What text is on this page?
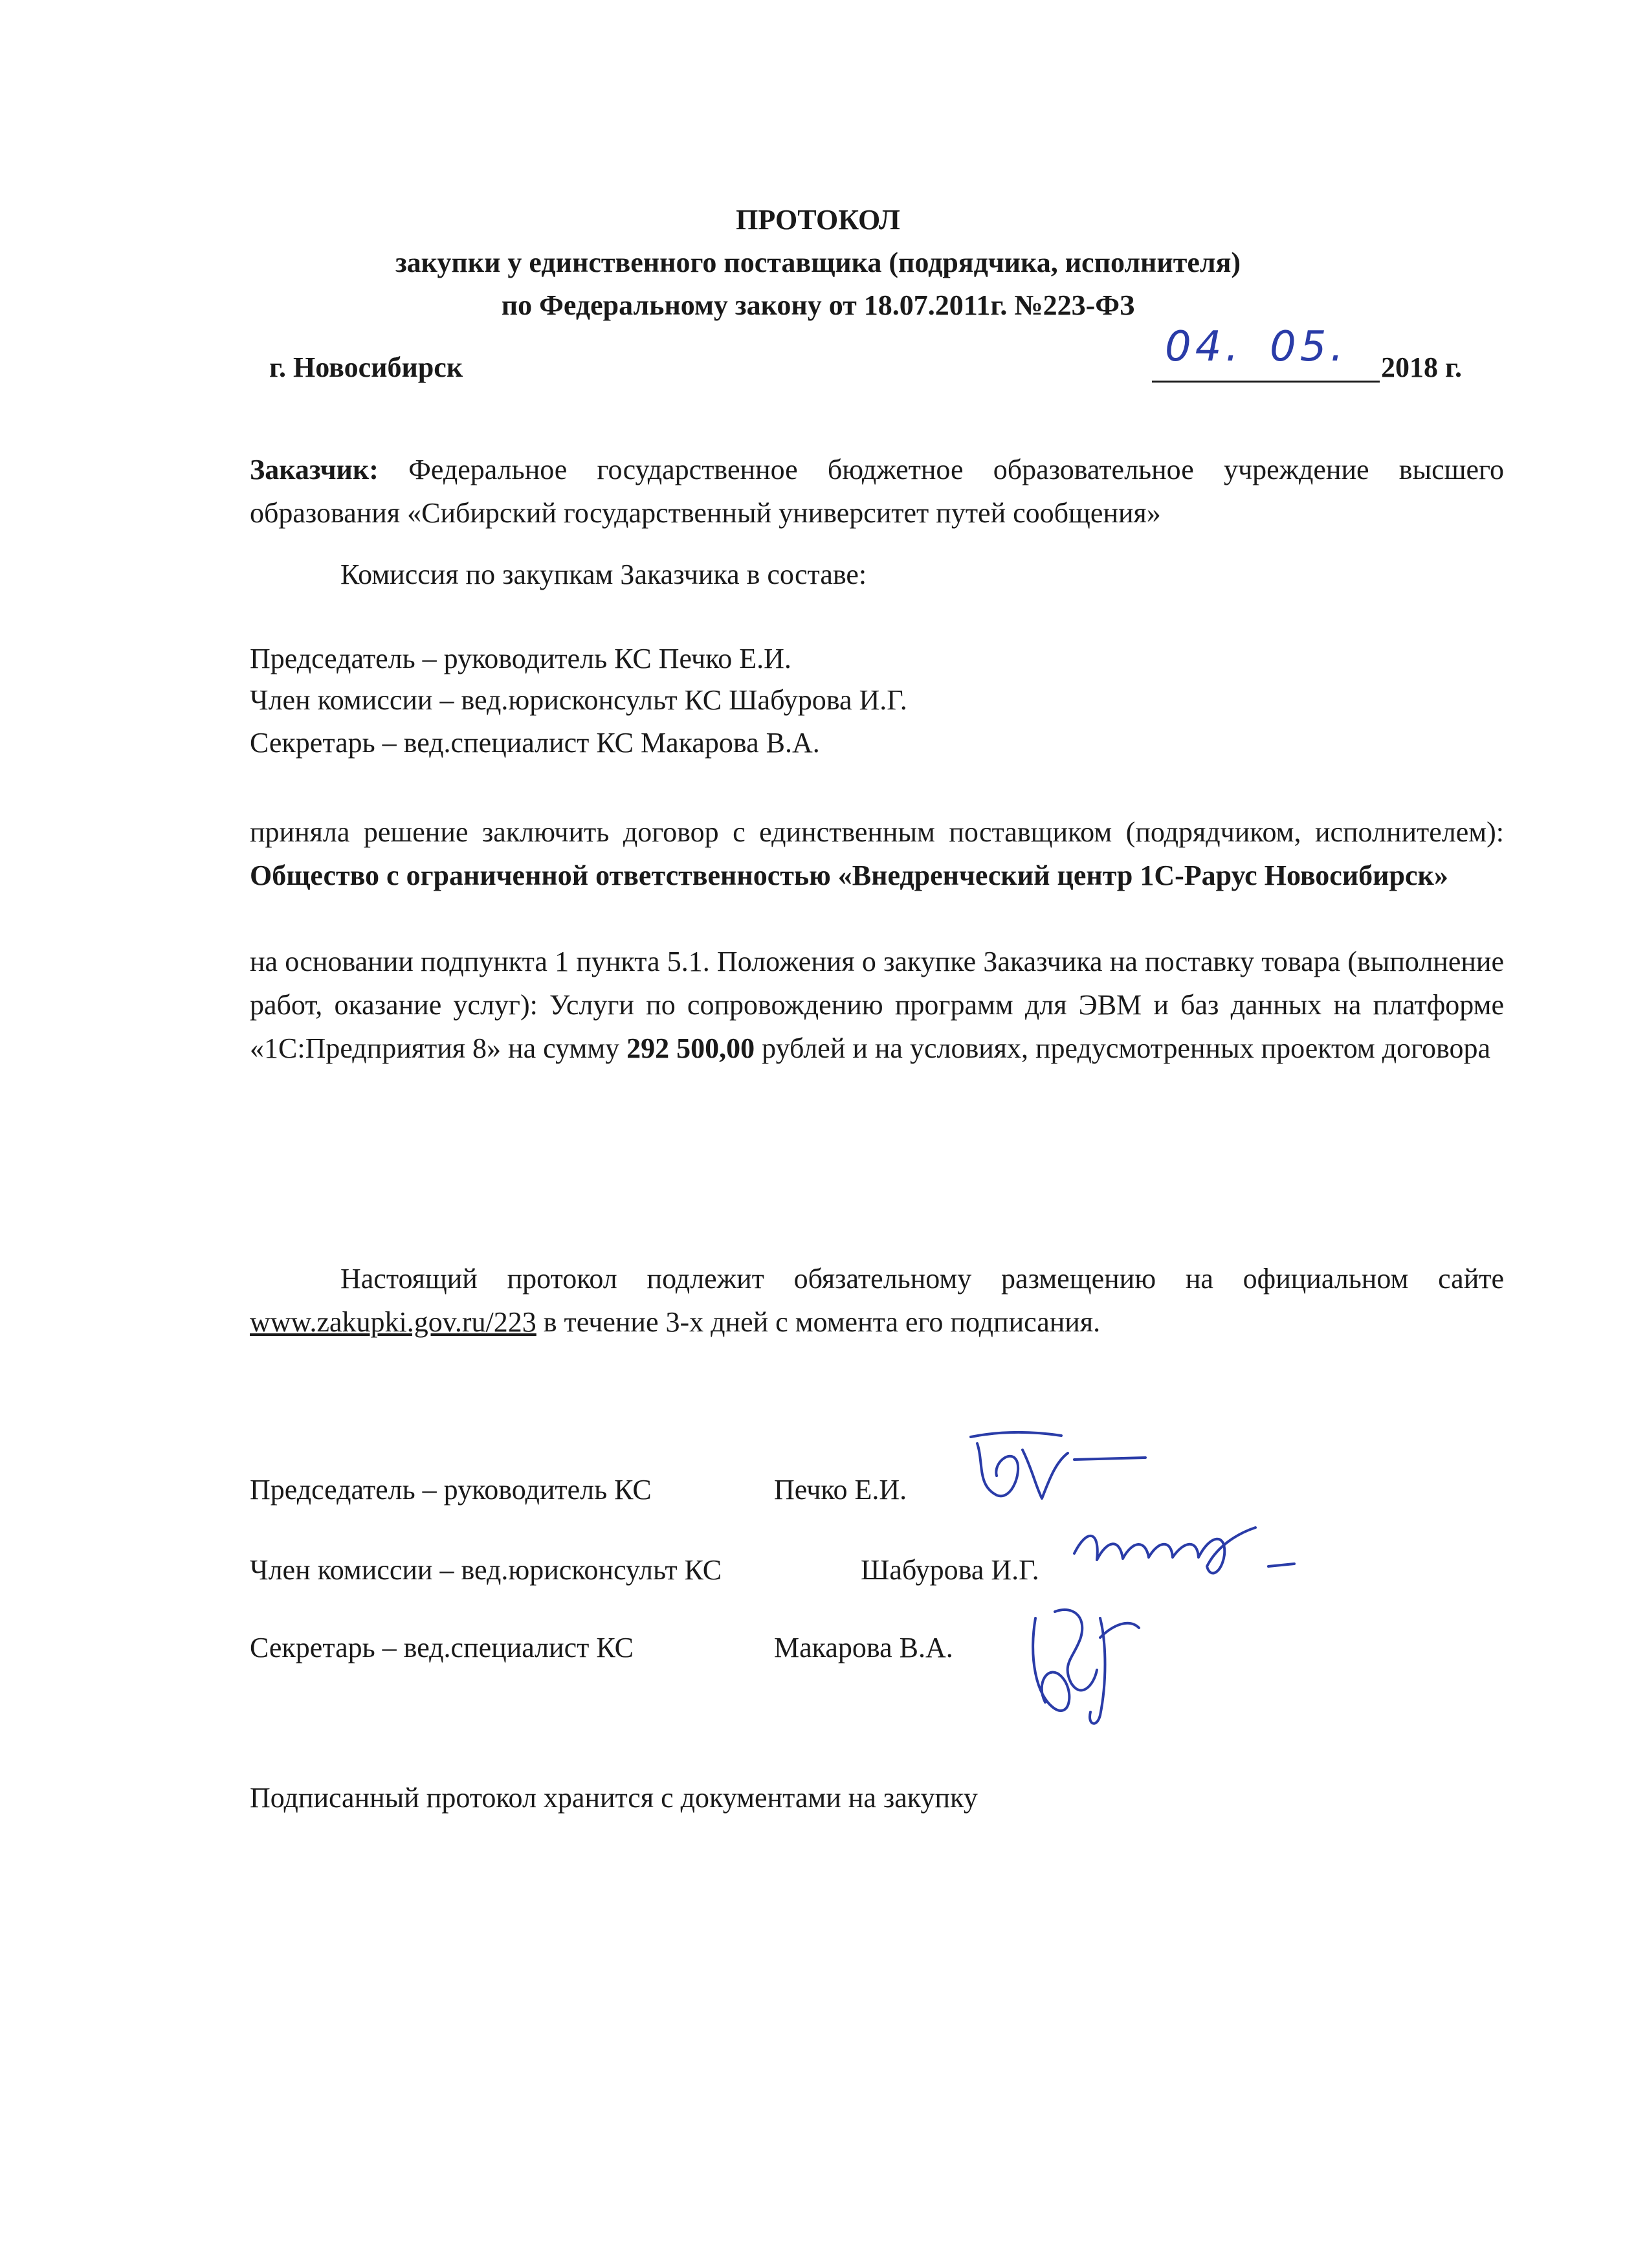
ПРОТОКОЛ
закупки у единственного поставщика (подрядчика, исполнителя)
по Федеральному закону от 18.07.2011г. №223-ФЗ
г. Новосибирск	04. 05. 2018 г.
Заказчик: Федеральное государственное бюджетное образовательное учреждение высшего образования «Сибирский государственный университет путей сообщения»
Комиссия по закупкам Заказчика в составе:
Председатель – руководитель КС Печко Е.И.
Член комиссии – вед.юрисконсульт КС Шабурова И.Г.
Секретарь – вед.специалист КС Макарова В.А.
приняла решение заключить договор с единственным поставщиком (подрядчиком, исполнителем): Общество с ограниченной ответственностью «Внедренческий центр 1С-Рарус Новосибирск»
на основании подпункта 1 пункта 5.1. Положения о закупке Заказчика на поставку товара (выполнение работ, оказание услуг): Услуги по сопровождению программ для ЭВМ и баз данных на платформе «1С:Предприятия 8» на сумму 292 500,00 рублей и на условиях, предусмотренных проектом договора
Настоящий протокол подлежит обязательному размещению на официальном сайте www.zakupki.gov.ru/223 в течение 3-х дней с момента его подписания.
Председатель – руководитель КС	Печко Е.И.
Член комиссии – вед.юрисконсульт КС	Шабурова И.Г.
Секретарь – вед.специалист КС	Макарова В.А.
Подписанный протокол хранится с документами на закупку
